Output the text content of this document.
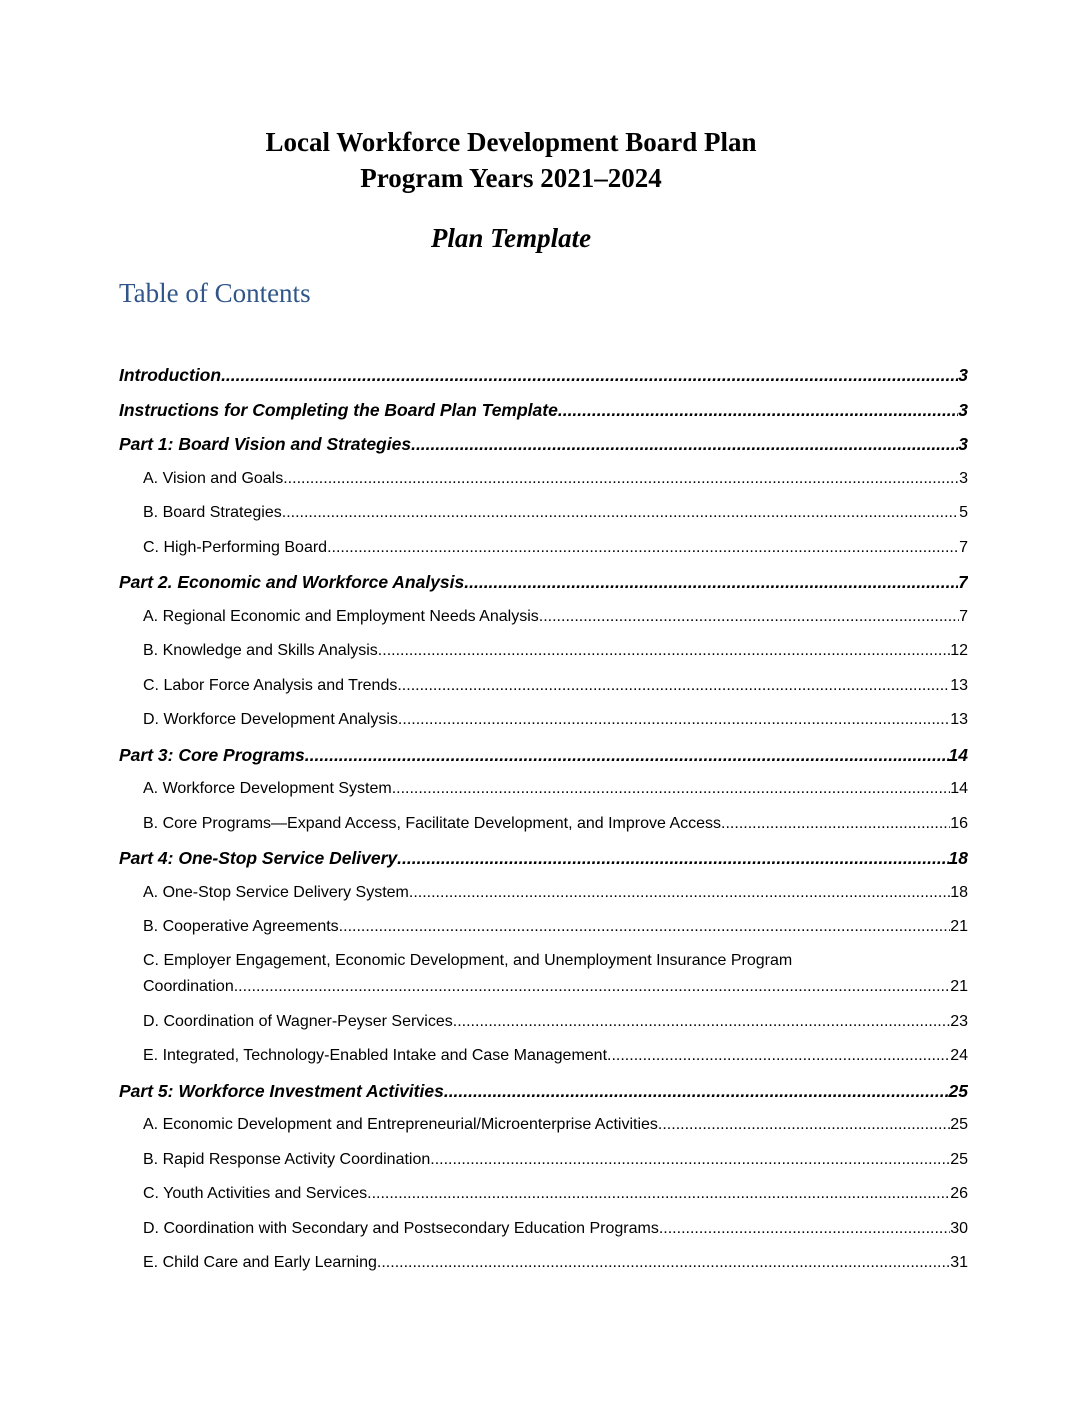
Local Workforce Development Board Plan
Program Years 2021–2024
Plan Template
Table of Contents
Introduction .....	3
Instructions for Completing the Board Plan Template .....	3
Part 1: Board Vision and Strategies .....	3
A. Vision and Goals .....	3
B. Board Strategies .....	5
C. High-Performing Board .....	7
Part 2. Economic and Workforce Analysis .....	7
A. Regional Economic and Employment Needs Analysis .....	7
B. Knowledge and Skills Analysis .....	12
C. Labor Force Analysis and Trends .....	13
D. Workforce Development Analysis .....	13
Part 3: Core Programs .....	14
A. Workforce Development System .....	14
B. Core Programs—Expand Access, Facilitate Development, and Improve Access .....	16
Part 4: One-Stop Service Delivery .....	18
A. One-Stop Service Delivery System .....	18
B. Cooperative Agreements .....	21
C. Employer Engagement, Economic Development, and Unemployment Insurance Program
Coordination .....	21
D. Coordination of Wagner-Peyser Services .....	23
E. Integrated, Technology-Enabled Intake and Case Management .....	24
Part 5: Workforce Investment Activities .....	25
A. Economic Development and Entrepreneurial/Microenterprise Activities .....	25
B. Rapid Response Activity Coordination .....	25
C. Youth Activities and Services .....	26
D. Coordination with Secondary and Postsecondary Education Programs .....	30
E. Child Care and Early Learning .....	31
